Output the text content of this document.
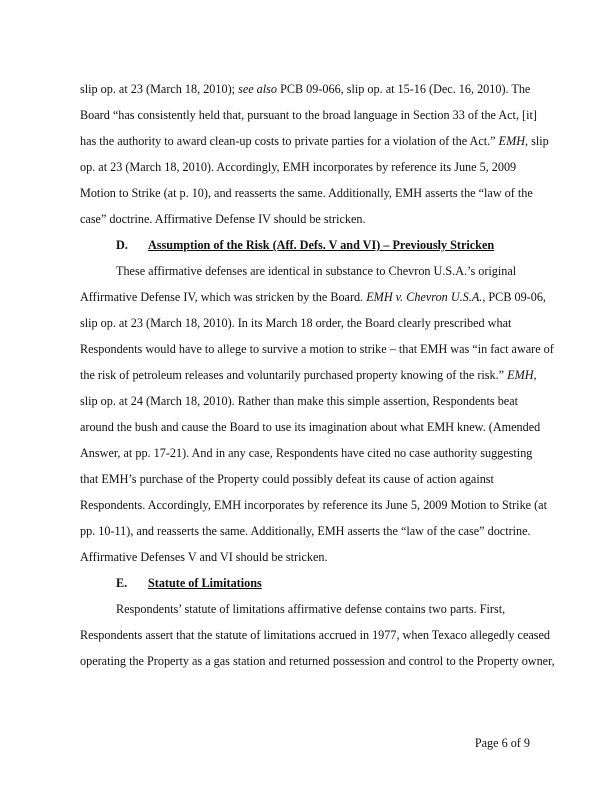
slip op. at 23 (March 18, 2010); see also PCB 09-066, slip op. at 15-16 (Dec. 16, 2010). The
Board “has consistently held that, pursuant to the broad language in Section 33 of the Act, [it]
has the authority to award clean-up costs to private parties for a violation of the Act.” EMH, slip
op. at 23 (March 18, 2010). Accordingly, EMH incorporates by reference its June 5, 2009
Motion to Strike (at p. 10), and reasserts the same. Additionally, EMH asserts the “law of the
case” doctrine. Affirmative Defense IV should be stricken.
D. Assumption of the Risk (Aff. Defs. V and VI) – Previously Stricken
These affirmative defenses are identical in substance to Chevron U.S.A.’s original
Affirmative Defense IV, which was stricken by the Board. EMH v. Chevron U.S.A., PCB 09-06,
slip op. at 23 (March 18, 2010). In its March 18 order, the Board clearly prescribed what
Respondents would have to allege to survive a motion to strike – that EMH was “in fact aware of
the risk of petroleum releases and voluntarily purchased property knowing of the risk.” EMH,
slip op. at 24 (March 18, 2010). Rather than make this simple assertion, Respondents beat
around the bush and cause the Board to use its imagination about what EMH knew. (Amended
Answer, at pp. 17-21). And in any case, Respondents have cited no case authority suggesting
that EMH’s purchase of the Property could possibly defeat its cause of action against
Respondents. Accordingly, EMH incorporates by reference its June 5, 2009 Motion to Strike (at
pp. 10-11), and reasserts the same. Additionally, EMH asserts the “law of the case” doctrine.
Affirmative Defenses V and VI should be stricken.
E. Statute of Limitations
Respondents’ statute of limitations affirmative defense contains two parts. First,
Respondents assert that the statute of limitations accrued in 1977, when Texaco allegedly ceased
operating the Property as a gas station and returned possession and control to the Property owner,
Page 6 of 9
